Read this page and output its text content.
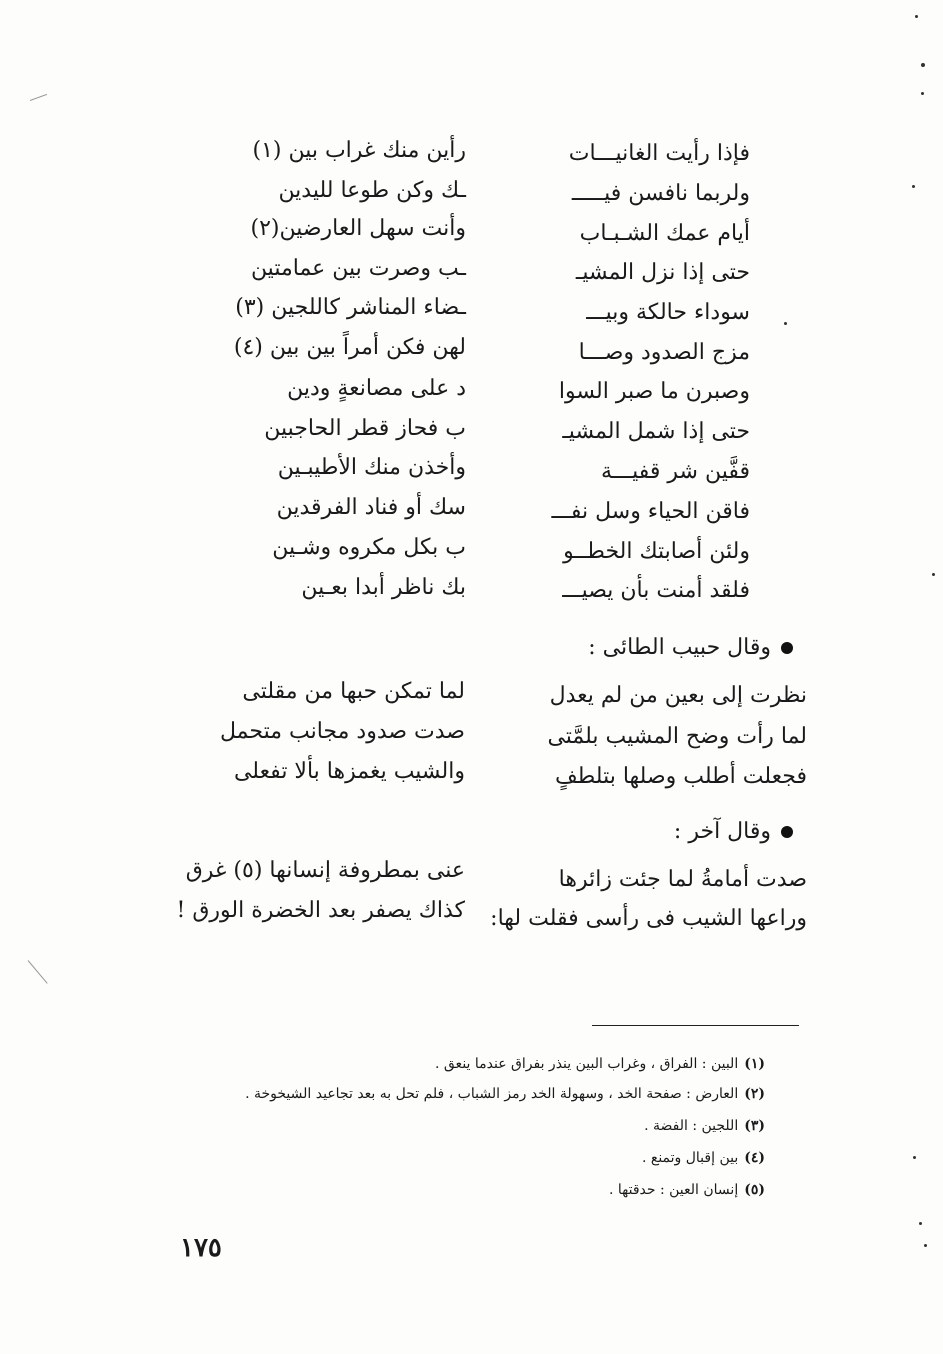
فإذا رأيت الغانيـــات
ولربما نافسن فيـــــ
أيام عمك الشـبـاب
حتى إذا نزل المشيـ
سوداء حالكة وبيـــ
مزج الصدود وصـــا
وصبرن ما صبر السوا
حتى إذا شمل المشيـ
قفَّين شر قفيـــة
فاقن الحياء وسل نفـــ
ولئن أصابتك الخطــو
فلقد أمنت بأن يصيـــ
رأين منك غراب بين (١)
ـك وكن طوعا لليدين
وأنت سهل العارضين(٢)
ـب وصرت بين عمامتين
ـضاء المناشر كاللجين (٣)
لهن فكن أمراً بين بين (٤)
د على مصانعةٍ ودين
ب فحاز قطر الحاجبين
وأخذن منك الأطيبـين
سك أو فناد الفرقدين
ب بكل مكروه وشـين
بك ناظر أبدا بعـين
وقال حبيب الطائى :
نظرت إلى بعين من لم يعدل
لما رأت وضح المشيب بلمَّتى
فجعلت أطلب وصلها بتلطفٍ
لما تمكن حبها من مقلتى
صدت صدود مجانب متحمل
والشيب يغمزها بألا تفعلى
وقال آخر :
صدت أمامةُ لما جئت زائرها
وراعها الشيب فى رأسى فقلت لها:
عنى بمطروفة إنسانها (٥) غرق
كذاك يصفر بعد الخضرة الورق !
(١)البين : الفراق ، وغراب البين ينذر بفراق عندما ينعق .
(٢)العارض : صفحة الخد ، وسهولة الخد رمز الشباب ، فلم تحل به بعد تجاعيد الشيخوخة .
(٣)اللجين : الفضة .
(٤)بين إقبال وتمنع .
(٥)إنسان العين : حدقتها .
١٧٥
